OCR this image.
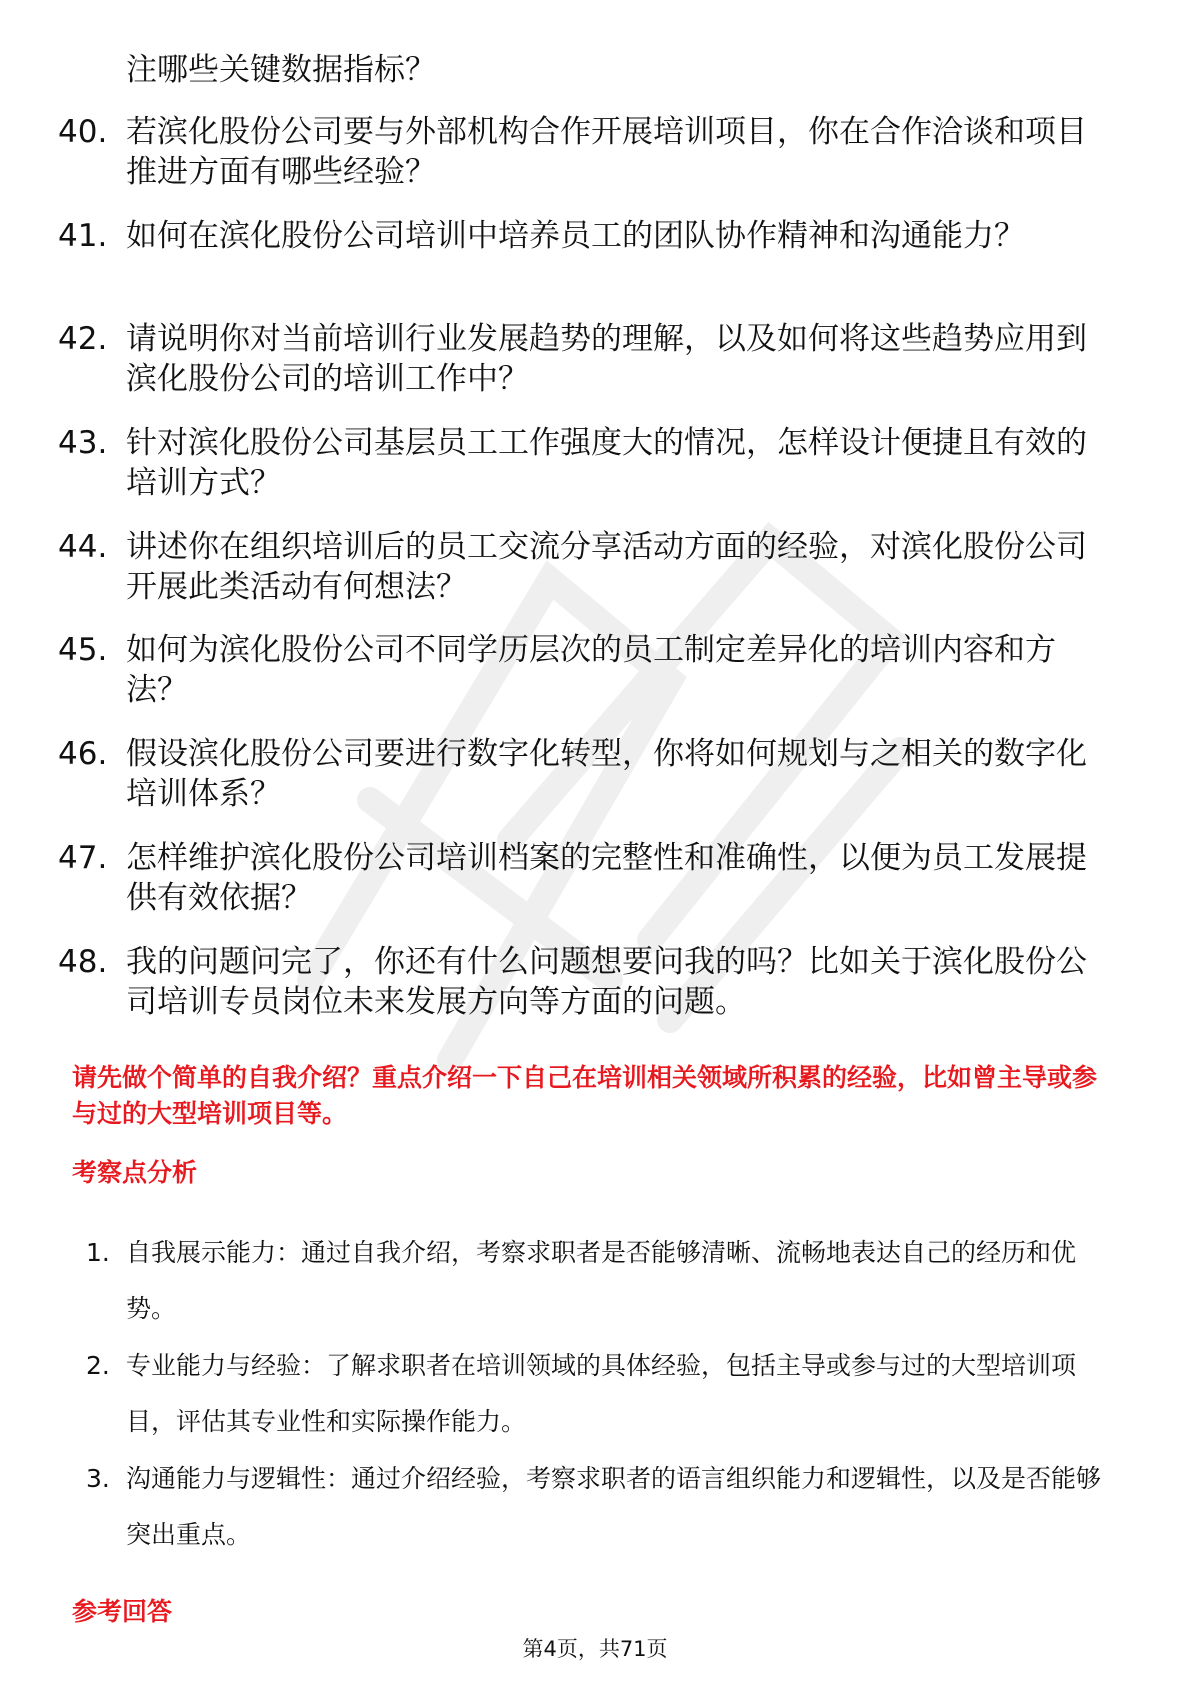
注哪些关键数据指标？
40. 若滨化股份公司要与外部机构合作开展培训项目，你在合作洽谈和项目推进方面有哪些经验？
41. 如何在滨化股份公司培训中培养员工的团队协作精神和沟通能力？
42. 请说明你对当前培训行业发展趋势的理解，以及如何将这些趋势应用到滨化股份公司的培训工作中？
43. 针对滨化股份公司基层员工工作强度大的情况，怎样设计便捷且有效的培训方式？
44. 讲述你在组织培训后的员工交流分享活动方面的经验，对滨化股份公司开展此类活动有何想法？
45. 如何为滨化股份公司不同学历层次的员工制定差异化的培训内容和方法？
46. 假设滨化股份公司要进行数字化转型，你将如何规划与之相关的数字化培训体系？
47. 怎样维护滨化股份公司培训档案的完整性和准确性，以便为员工发展提供有效依据？
48. 我的问题问完了，你还有什么问题想要问我的吗？比如关于滨化股份公司培训专员岗位未来发展方向等方面的问题。
请先做个简单的自我介绍？重点介绍一下自己在培训相关领域所积累的经验，比如曾主导或参与过的大型培训项目等。
考察点分析
1. 自我展示能力：通过自我介绍，考察求职者是否能够清晰、流畅地表达自己的经历和优势。
2. 专业能力与经验：了解求职者在培训领域的具体经验，包括主导或参与过的大型培训项目，评估其专业性和实际操作能力。
3. 沟通能力与逻辑性：通过介绍经验，考察求职者的语言组织能力和逻辑性，以及是否能够突出重点。
参考回答
第4页，共71页
